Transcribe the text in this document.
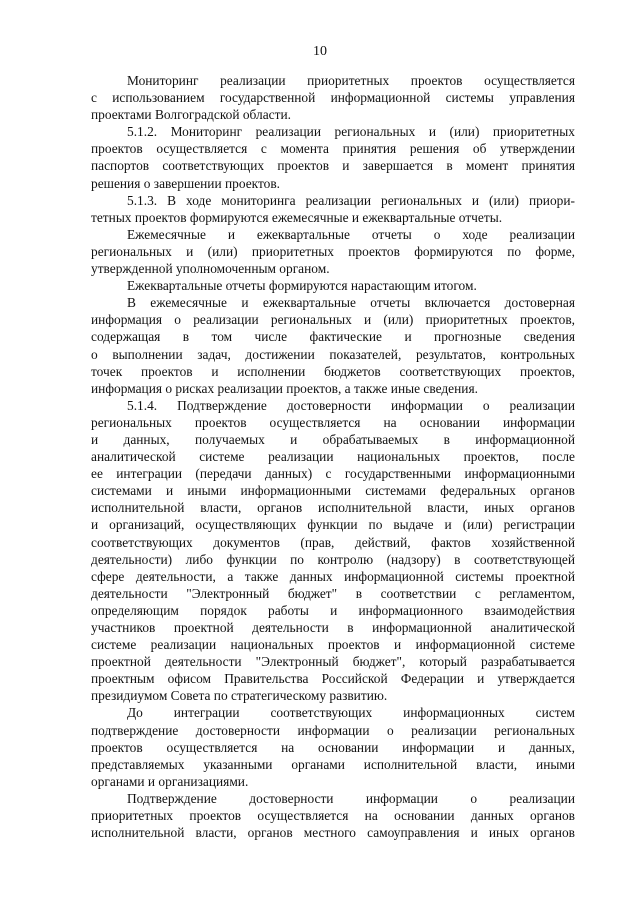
10
Мониторинг реализации приоритетных проектов осуществляется
с использованием государственной информационной системы управления
проектами Волгоградской области.
5.1.2. Мониторинг реализации региональных и (или) приоритетных
проектов осуществляется с момента принятия решения об утверждении
паспортов соответствующих проектов и завершается в момент принятия
решения о завершении проектов.
5.1.3. В ходе мониторинга реализации региональных и (или) приори-
тетных проектов формируются ежемесячные и ежеквартальные отчеты.
Ежемесячные и ежеквартальные отчеты о ходе реализации
региональных и (или) приоритетных проектов формируются по форме,
утвержденной уполномоченным органом.
Ежеквартальные отчеты формируются нарастающим итогом.
В ежемесячные и ежеквартальные отчеты включается достоверная
информация о реализации региональных и (или) приоритетных проектов,
содержащая в том числе фактические и прогнозные сведения
о выполнении задач, достижении показателей, результатов, контрольных
точек проектов и исполнении бюджетов соответствующих проектов,
информация о рисках реализации проектов, а также иные сведения.
5.1.4. Подтверждение достоверности информации о реализации
региональных проектов осуществляется на основании информации
и данных, получаемых и обрабатываемых в информационной
аналитической системе реализации национальных проектов, после
ее интеграции (передачи данных) с государственными информационными
системами и иными информационными системами федеральных органов
исполнительной власти, органов исполнительной власти, иных органов
и организаций, осуществляющих функции по выдаче и (или) регистрации
соответствующих документов (прав, действий, фактов хозяйственной
деятельности) либо функции по контролю (надзору) в соответствующей
сфере деятельности, а также данных информационной системы проектной
деятельности "Электронный бюджет" в соответствии с регламентом,
определяющим порядок работы и информационного взаимодействия
участников проектной деятельности в информационной аналитической
системе реализации национальных проектов и информационной системе
проектной деятельности "Электронный бюджет", который разрабатывается
проектным офисом Правительства Российской Федерации и утверждается
президиумом Совета по стратегическому развитию.
До интеграции соответствующих информационных систем
подтверждение достоверности информации о реализации региональных
проектов осуществляется на основании информации и данных,
представляемых указанными органами исполнительной власти, иными
органами и организациями.
Подтверждение достоверности информации о реализации
приоритетных проектов осуществляется на основании данных органов
исполнительной власти, органов местного самоуправления и иных органов
